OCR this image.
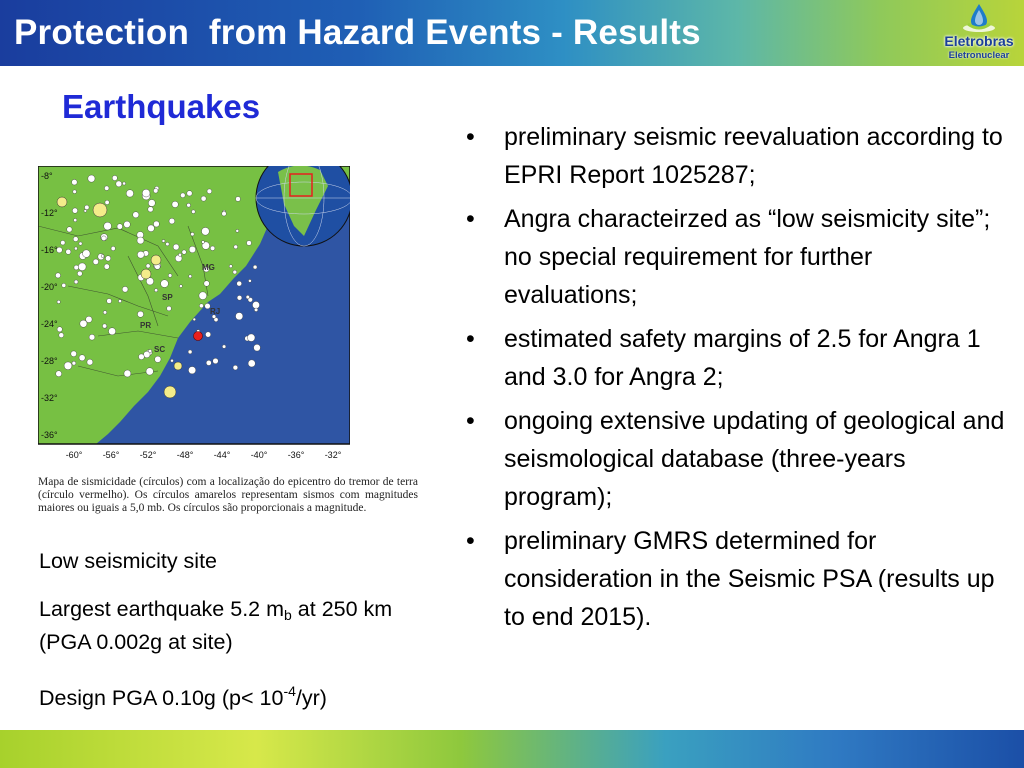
Protection  from Hazard Events - Results	Eletrobras
Eletronuclear
Earthquakes
-8°
-12°
-16°
-20°
-24°
-28°
-32°
-36°
-60° -56° -52° -48° -44° -40° -36° -32°
MG
SP
PR
SC
RJ
Mapa de sismicidade (círculos) com a localização do epicentro do tremor de terra (círculo vermelho). Os círculos amarelos representam sismos com magnitudes maiores ou iguais a 5,0 mb. Os círculos são proporcionais a magnitude.
Low seismicity site
Largest earthquake 5.2 $m_b$ at 250 km (PGA 0.002g at site)
Design PGA 0.10g $(p< 10^{-4}/yr)$
• preliminary seismic reevaluation according to EPRI Report 1025287;
• Angra characteirzed as “low seismicity site”; no special requirement for further evaluations;
• estimated safety margins of 2.5 for Angra 1 and 3.0 for Angra 2;
• ongoing extensive updating of geological and seismological database (three-years program);
• preliminary GMRS determined for consideration in the Seismic PSA (results up to end 2015).
